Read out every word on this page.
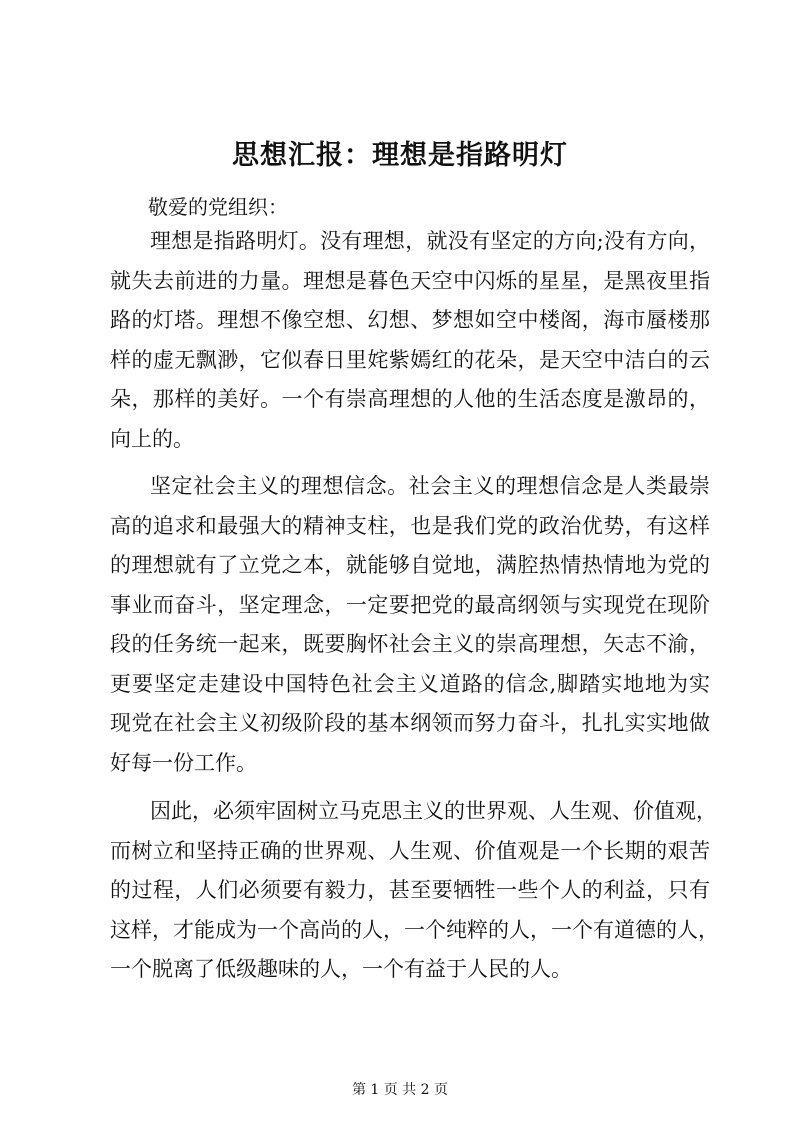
思想汇报：理想是指路明灯
敬爱的党组织：
理想是指路明灯。没有理想，就没有坚定的方向;没有方向，
就失去前进的力量。理想是暮色天空中闪烁的星星，是黑夜里指
路的灯塔。理想不像空想、幻想、梦想如空中楼阁，海市蜃楼那
样的虚无飘渺，它似春日里姹紫嫣红的花朵，是天空中洁白的云
朵，那样的美好。一个有崇高理想的人他的生活态度是激昂的，
向上的。
坚定社会主义的理想信念。社会主义的理想信念是人类最崇
高的追求和最强大的精神支柱，也是我们党的政治优势，有这样
的理想就有了立党之本，就能够自觉地，满腔热情热情地为党的
事业而奋斗，坚定理念，一定要把党的最高纲领与实现党在现阶
段的任务统一起来，既要胸怀社会主义的崇高理想，矢志不渝，
更要坚定走建设中国特色社会主义道路的信念,脚踏实地地为实
现党在社会主义初级阶段的基本纲领而努力奋斗，扎扎实实地做
好每一份工作。
因此，必须牢固树立马克思主义的世界观、人生观、价值观，
而树立和坚持正确的世界观、人生观、价值观是一个长期的艰苦
的过程，人们必须要有毅力，甚至要牺牲一些个人的利益，只有
这样，才能成为一个高尚的人，一个纯粹的人，一个有道德的人，
一个脱离了低级趣味的人，一个有益于人民的人。
第 1 页 共 2 页
